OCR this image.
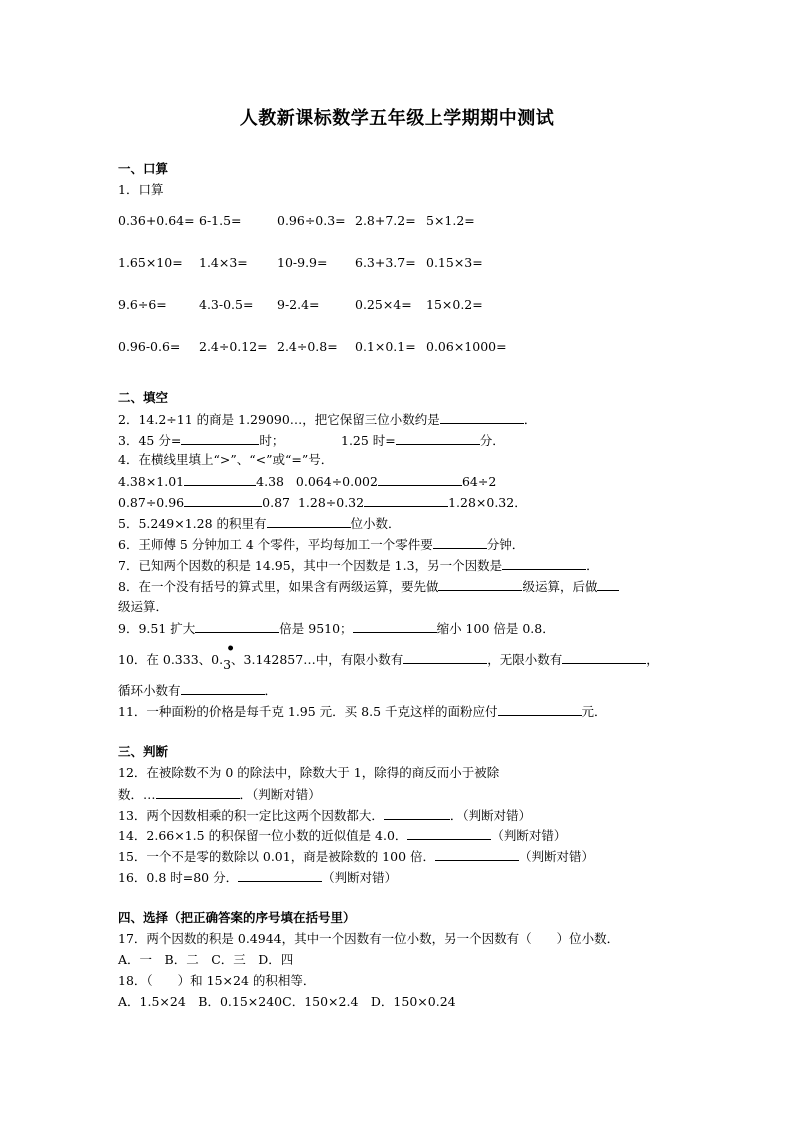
人教新课标数学五年级上学期期中测试
一、口算
1．口算
0.36+0.64= 6-1.5=	0.96÷0.3= 2.8+7.2= 5×1.2=
1.65×10= 1.4×3= 10-9.9= 6.3+3.7= 0.15×3=
9.6÷6=	4.3-0.5= 9-2.4=	0.25×4= 15×0.2=
0.96-0.6= 2.4÷0.12= 2.4÷0.8= 0.1×0.1= 0.06×1000=
二、填空
2．14.2÷11 的商是 1.29090…，把它保留三位小数约是	．
3．45 分=	时；	1.25 时=	分．
4．在横线里填上“>”、“<”或“=”号．
4.38×1.01	4.38 0.064÷0.002	64÷2
0.87÷0.96	0.87 1.28÷0.32	1.28×0.32．
5．5.249×1.28 的积里有	位小数．
6．王师傅 5 分钟加工 4 个零件，平均每加工一个零件要	分钟．
7．已知两个因数的积是 14.95，其中一个因数是 1.3，另一个因数是	．
8．在一个没有括号的算式里，如果含有两级运算，要先做	级运算，后做
级运算．
9．9.51 扩大	倍是 9510；	缩小 100 倍是 0.8．
10．在 0.333、0.
•
3、3.142857…中，有限小数有	，无限小数有	，
循环小数有	．
11．一种面粉的价格是每千克 1.95 元．买 8.5 千克这样的面粉应付	元．
三、判断
12．在被除数不为 0 的除法中，除数大于 1，除得的商反而小于被除
数．…	．（判断对错）
13．两个因数相乘的积一定比这两个因数都大．	．（判断对错）
14．2.66×1.5 的积保留一位小数的近似值是 4.0．	（判断对错）
15．一个不是零的数除以 0.01，商是被除数的 100 倍．	（判断对错）
16．0.8 时=80 分．	（判断对错）
四、选择（把正确答案的序号填在括号里）
17．两个因数的积是 0.4944，其中一个因数有一位小数，另一个因数有（　　）位小数．
A．一　B．二　C．三　D．四
18．（　　）和 15×24 的积相等．
A．1.5×24　B．0.15×240C．150×2.4　D．150×0.24
